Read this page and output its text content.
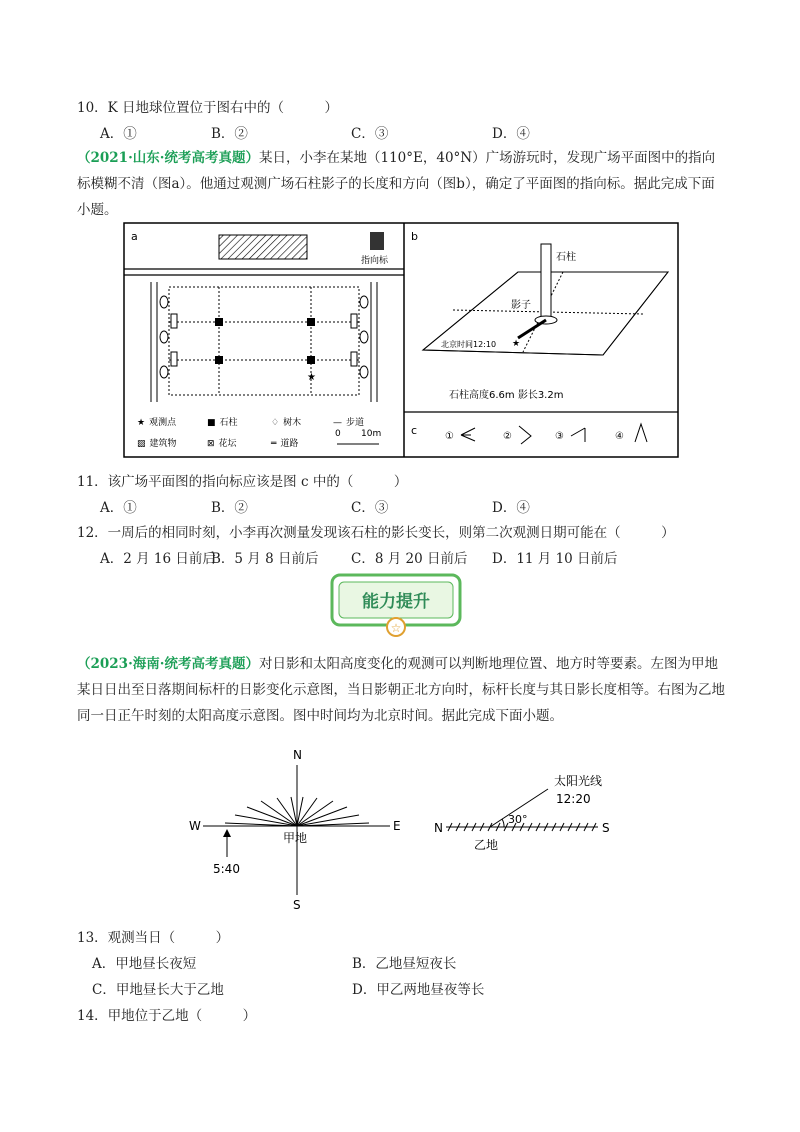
10．K 日地球位置位于图右中的（　　　）
A．①	B．②	C．③	D．④
（2021·山东·统考高考真题）某日，小李在某地（110°E，40°N）广场游玩时，发现广场平面图中的指向标模糊不清（图a）。他通过观测广场石柱影子的长度和方向（图b），确定了平面图的指向标。据此完成下面小题。
a
指向标
★
★ 观测点	■ 石柱	♢ 树木	— 步道
▨ 建筑物	⊠ 花坛	═ 道路
0 10m
b
石柱
影子
★
北京时间12:10
石柱高度6.6m 影长3.2m
c	①	②	③	④
11．该广场平面图的指向标应该是图 c 中的（　　　）
A．①	B．②	C．③	D．④
12．一周后的相同时刻，小李再次测量发现该石柱的影长变长，则第二次观测日期可能在（　　　）
A．2 月 16 日前后
B．5 月 8 日前后 C．8 月 20 日前后 D．11 月 10 日前后
能力提升
☆
（2023·海南·统考高考真题）对日影和太阳高度变化的观测可以判断地理位置、地方时等要素。左图为甲地某日日出至日落期间标杆的日影变化示意图，当日影朝正北方向时，标杆长度与其日影长度相等。右图为乙地同一日正午时刻的太阳高度示意图。图中时间均为北京时间。据此完成下面小题。
N
S
W	E
甲地
5:40
N	S
30°
太阳光线
12:20
乙地
13．观测当日（　　　）
A．甲地昼长夜短	B．乙地昼短夜长
C．甲地昼长大于乙地	D．甲乙两地昼夜等长
14．甲地位于乙地（　　　）
